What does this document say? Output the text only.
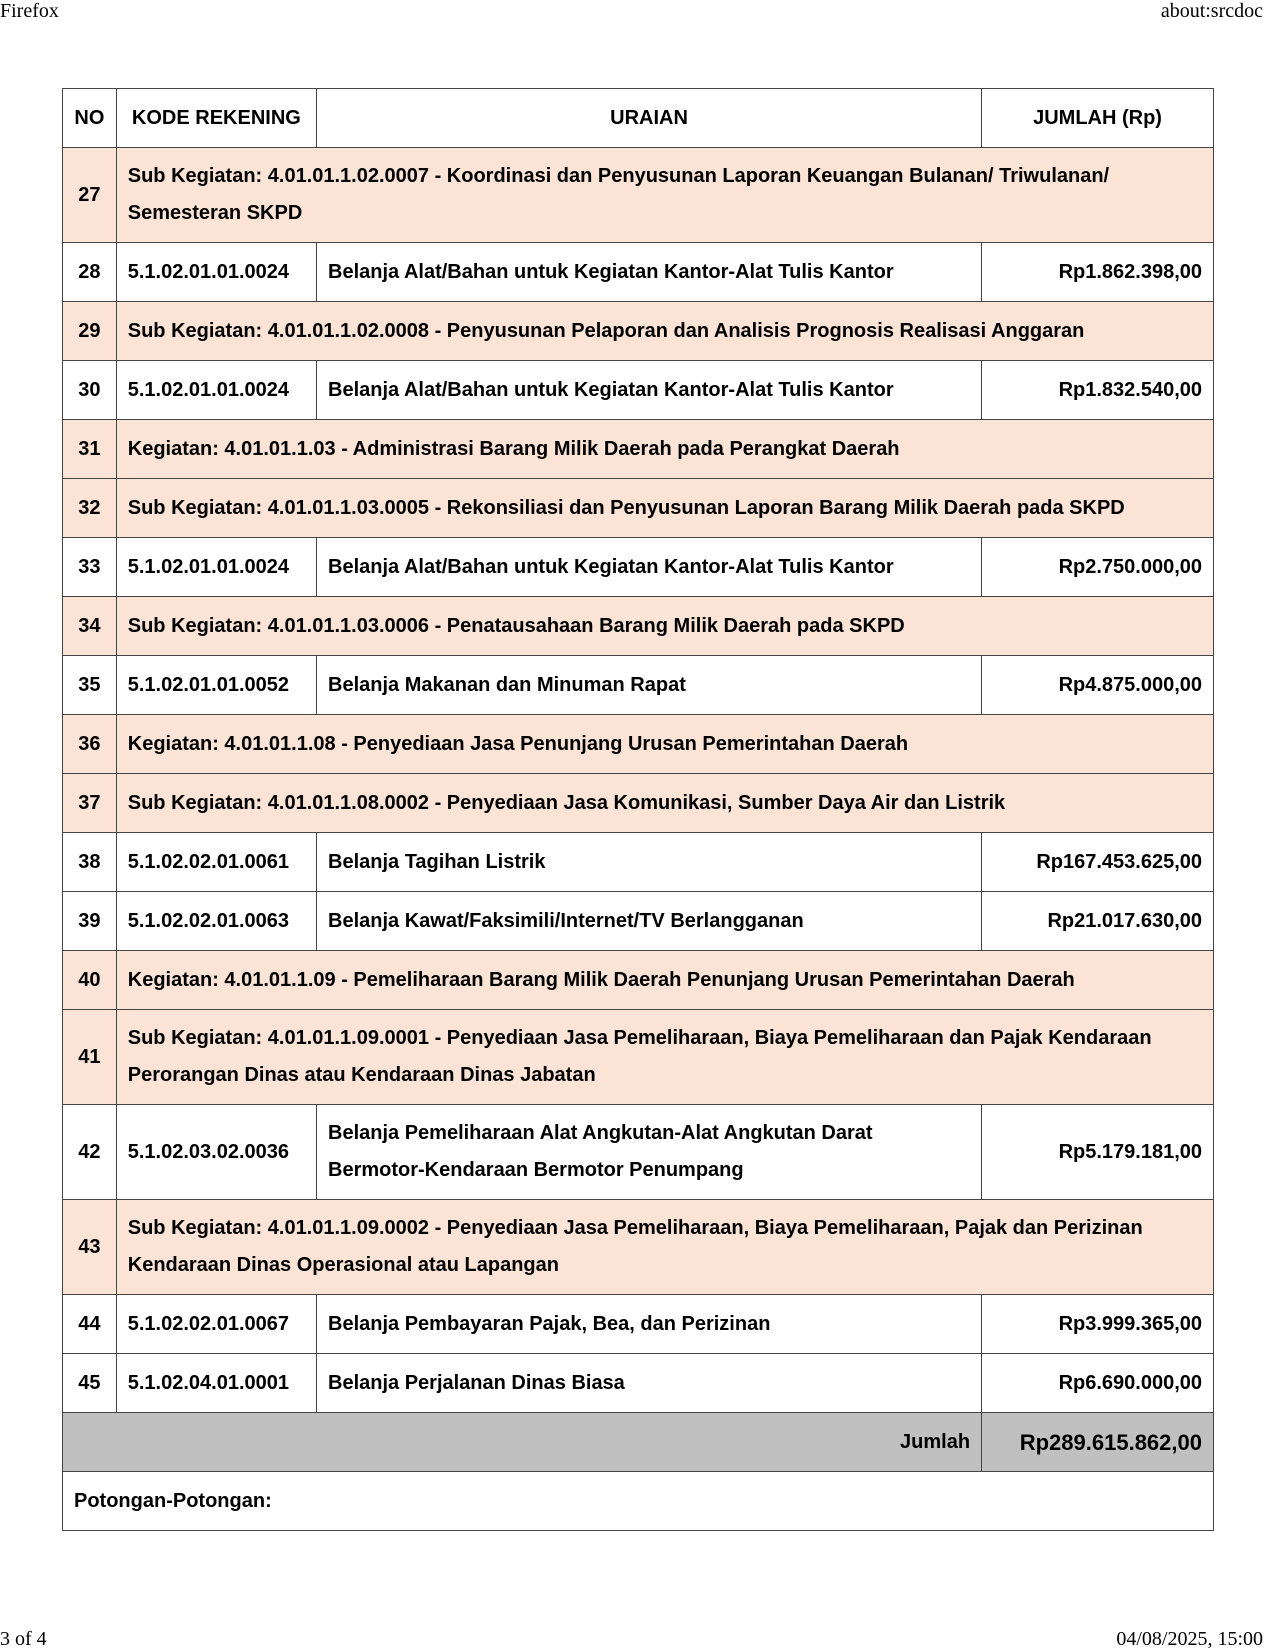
Firefox	about:srcdoc
NO	KODE REKENING	URAIAN	JUMLAH (Rp)
27	Sub Kegiatan: 4.01.01.1.02.0007 - Koordinasi dan Penyusunan Laporan Keuangan Bulanan/ Triwulanan/ Semesteran SKPD		
28	5.1.02.01.01.0024	Belanja Alat/Bahan untuk Kegiatan Kantor-Alat Tulis Kantor	Rp1.862.398,00
29	Sub Kegiatan: 4.01.01.1.02.0008 - Penyusunan Pelaporan dan Analisis Prognosis Realisasi Anggaran		
30	5.1.02.01.01.0024	Belanja Alat/Bahan untuk Kegiatan Kantor-Alat Tulis Kantor	Rp1.832.540,00
31	Kegiatan: 4.01.01.1.03 - Administrasi Barang Milik Daerah pada Perangkat Daerah		
32	Sub Kegiatan: 4.01.01.1.03.0005 - Rekonsiliasi dan Penyusunan Laporan Barang Milik Daerah pada SKPD		
33	5.1.02.01.01.0024	Belanja Alat/Bahan untuk Kegiatan Kantor-Alat Tulis Kantor	Rp2.750.000,00
34	Sub Kegiatan: 4.01.01.1.03.0006 - Penatausahaan Barang Milik Daerah pada SKPD		
35	5.1.02.01.01.0052	Belanja Makanan dan Minuman Rapat	Rp4.875.000,00
36	Kegiatan: 4.01.01.1.08 - Penyediaan Jasa Penunjang Urusan Pemerintahan Daerah		
37	Sub Kegiatan: 4.01.01.1.08.0002 - Penyediaan Jasa Komunikasi, Sumber Daya Air dan Listrik		
38	5.1.02.02.01.0061	Belanja Tagihan Listrik	Rp167.453.625,00
39	5.1.02.02.01.0063	Belanja Kawat/Faksimili/Internet/TV Berlangganan	Rp21.017.630,00
40	Kegiatan: 4.01.01.1.09 - Pemeliharaan Barang Milik Daerah Penunjang Urusan Pemerintahan Daerah		
41	Sub Kegiatan: 4.01.01.1.09.0001 - Penyediaan Jasa Pemeliharaan, Biaya Pemeliharaan dan Pajak Kendaraan Perorangan Dinas atau Kendaraan Dinas Jabatan		
42	5.1.02.03.02.0036	Belanja Pemeliharaan Alat Angkutan-Alat Angkutan Darat Bermotor-Kendaraan Bermotor Penumpang	Rp5.179.181,00
43	Sub Kegiatan: 4.01.01.1.09.0002 - Penyediaan Jasa Pemeliharaan, Biaya Pemeliharaan, Pajak dan Perizinan Kendaraan Dinas Operasional atau Lapangan		
44	5.1.02.02.01.0067	Belanja Pembayaran Pajak, Bea, dan Perizinan	Rp3.999.365,00
45	5.1.02.04.01.0001	Belanja Perjalanan Dinas Biasa	Rp6.690.000,00
Jumlah			Rp289.615.862,00
Potongan-Potongan:			
3 of 4	04/08/2025, 15:00
